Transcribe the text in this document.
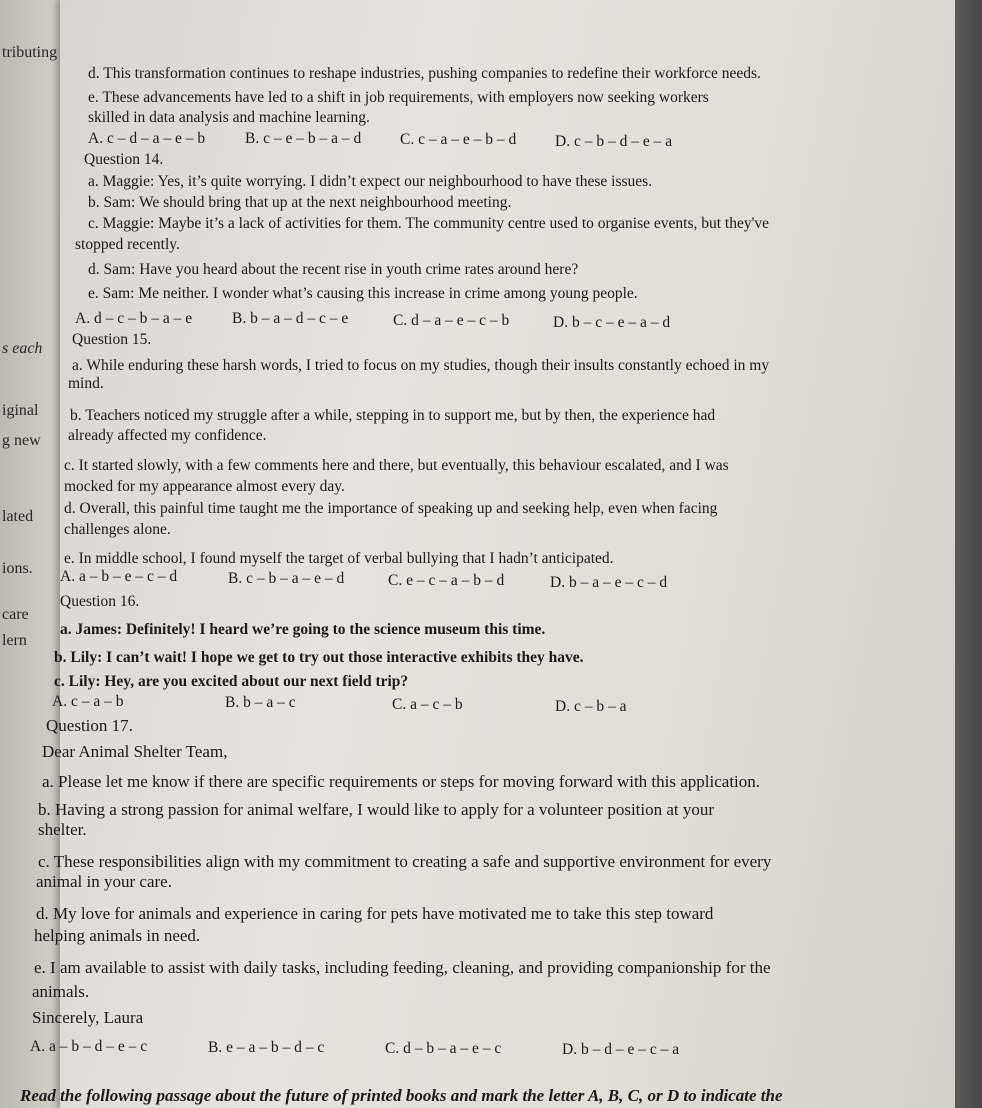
tributing
s each
iginal
g new
lated
ions.
care
lern
d. This transformation continues to reshape industries, pushing companies to redefine their workforce needs.
e. These advancements have led to a shift in job requirements, with employers now seeking workers
skilled in data analysis and machine learning.
A. c – d – a – e – b	B. c – e – b – a – d	C. c – a – e – b – d	D. c – b – d – e – a
Question 14.
a. Maggie: Yes, it’s quite worrying. I didn’t expect our neighbourhood to have these issues.
b. Sam: We should bring that up at the next neighbourhood meeting.
c. Maggie: Maybe it’s a lack of activities for them. The community centre used to organise events, but they've
stopped recently.
d. Sam: Have you heard about the recent rise in youth crime rates around here?
e. Sam: Me neither. I wonder what’s causing this increase in crime among young people.
A. d – c – b – a – e	B. b – a – d – c – e	C. d – a – e – c – b	D. b – c – e – a – d
Question 15.
a. While enduring these harsh words, I tried to focus on my studies, though their insults constantly echoed in my
mind.
b. Teachers noticed my struggle after a while, stepping in to support me, but by then, the experience had
already affected my confidence.
c. It started slowly, with a few comments here and there, but eventually, this behaviour escalated, and I was
mocked for my appearance almost every day.
d. Overall, this painful time taught me the importance of speaking up and seeking help, even when facing
challenges alone.
e. In middle school, I found myself the target of verbal bullying that I hadn’t anticipated.
A. a – b – e – c – d	B. c – b – a – e – d	C. e – c – a – b – d	D. b – a – e – c – d
Question 16.
a. James: Definitely! I heard we’re going to the science museum this time.
b. Lily: I can’t wait! I hope we get to try out those interactive exhibits they have.
c. Lily: Hey, are you excited about our next field trip?
A. c – a – b	B. b – a – c	C. a – c – b	D. c – b – a
Question 17.
Dear Animal Shelter Team,
a. Please let me know if there are specific requirements or steps for moving forward with this application.
b. Having a strong passion for animal welfare, I would like to apply for a volunteer position at your
shelter.
c. These responsibilities align with my commitment to creating a safe and supportive environment for every
animal in your care.
d. My love for animals and experience in caring for pets have motivated me to take this step toward
helping animals in need.
e. I am available to assist with daily tasks, including feeding, cleaning, and providing companionship for the
animals.
Sincerely, Laura
A. a – b – d – e – c	B. e – a – b – d – c	C. d – b – a – e – c	D. b – d – e – c – a
Read the following passage about the future of printed books and mark the letter A, B, C, or D to indicate the
